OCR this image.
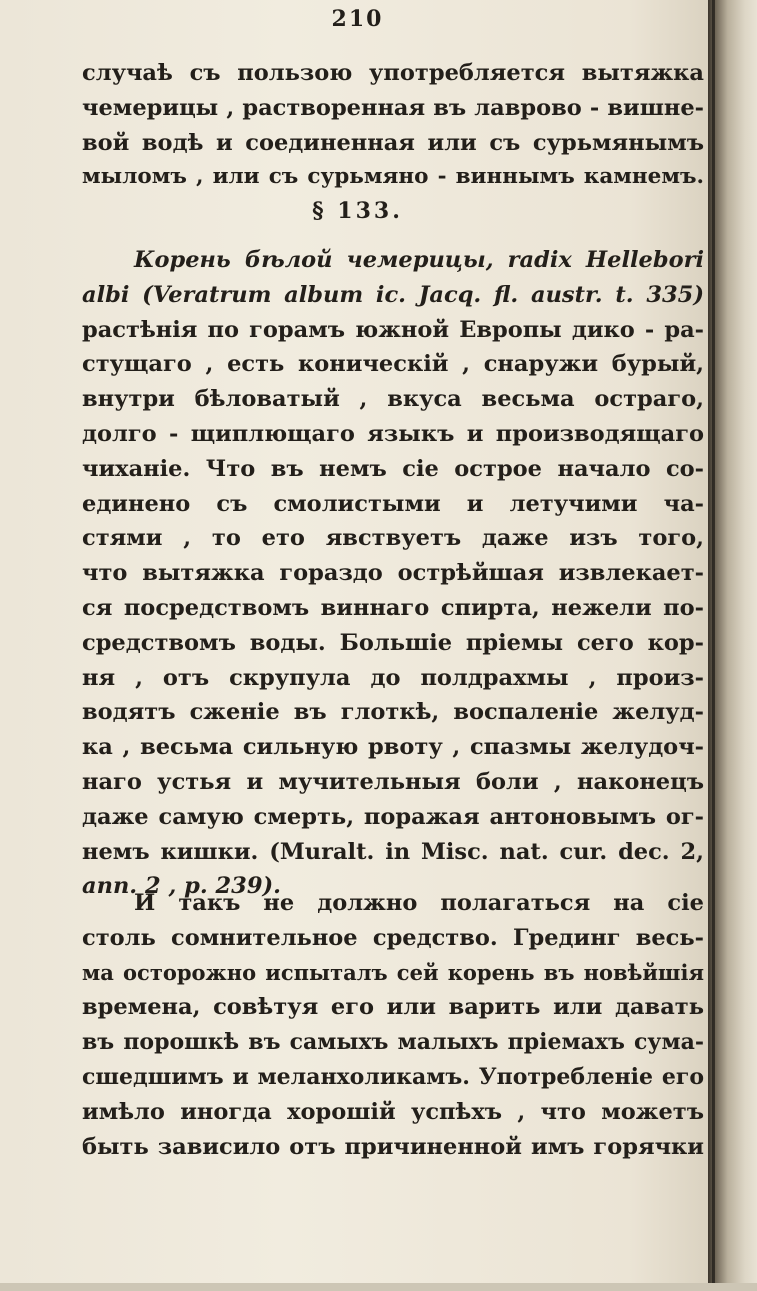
210
случаѣ съ пользою употребляется вытяжка
чемерицы , растворенная въ лаврово - вишне-
вой водѣ и соединенная или съ сурьмянымъ
мыломъ , или съ сурьмяно - виннымъ камнемъ.
§ 133.
Корень бѣлой чемерицы, radix Hellebori
albi (Veratrum album ic. Jacq. fl. austr. t. 335)
растѣнія по горамъ южной Европы дико - ра-
стущаго , есть коническій , снаружи бурый,
внутри бѣловатый , вкуса весьма остраго,
долго - щиплющаго языкъ и производящаго
чиханіе. Что въ немъ сіе острое начало со-
единено съ смолистыми и летучими ча-
стями , то ето явствуетъ даже изъ того,
что вытяжка гораздо острѣйшая извлекает-
ся посредствомъ виннаго спирта, нежели по-
средствомъ воды. Большіе пріемы сего кор-
ня , отъ скрупула до полдрахмы , произ-
водятъ сженіе въ глоткѣ, воспаленіе желуд-
ка , весьма сильную рвоту , спазмы желудоч-
наго устья и мучительныя боли , наконецъ
даже самую смерть, поражая антоновымъ ог-
немъ кишки. (Muralt. in Misc. nat. cur. dec. 2,
ann. 2 , p. 239).
И такъ не должно полагаться на сіе
столь сомнительное средство. Грединг весь-
ма осторожно испыталъ сей корень въ новѣйшія
времена, совѣтуя его или варить или давать
въ порошкѣ въ самыхъ малыхъ пріемахъ сума-
сшедшимъ и меланхоликамъ. Употребленіе его
имѣло иногда хорошій успѣхъ , что можетъ
быть зависило отъ причиненной имъ горячки
